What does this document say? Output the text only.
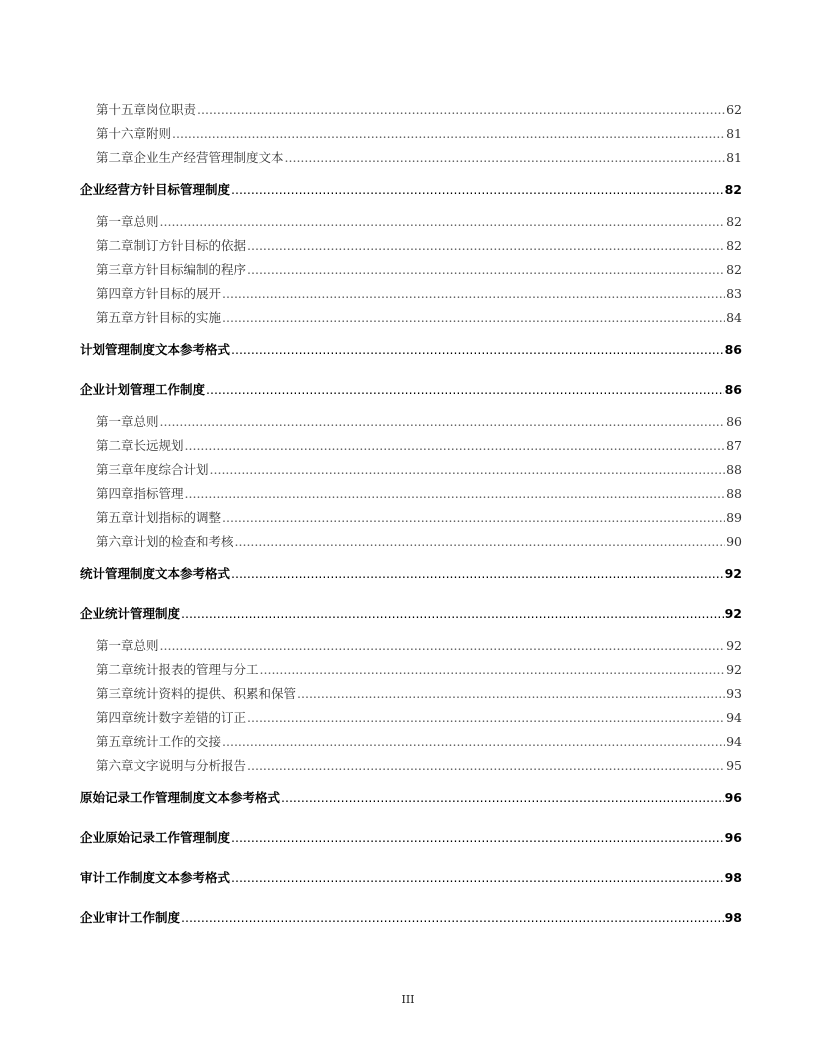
第十五章 岗位职责 .....	62
第十六章 附则 .....	81
第二章 企业生产经营管理制度文本 .....	81
企业经营方针目标管理制度 .....	82
第一章 总则 .....	82
第二章 制订方针目标的依据 .....	82
第三章 方针目标编制的程序 .....	82
第四章 方针目标的展开 .....	83
第五章 方针目标的实施 .....	84
计划管理制度文本参考格式 .....	86
企业计划管理工作制度 .....	86
第一章 总则 .....	86
第二章 长远规划 .....	87
第三章 年度综合计划 .....	88
第四章 指标管理 .....	88
第五章 计划指标的调整 .....	89
第六章 计划的检查和考核 .....	90
统计管理制度文本参考格式 .....	92
企业统计管理制度 .....	92
第一章 总则 .....	92
第二章 统计报表的管理与分工 .....	92
第三章 统计资料的提供、积累和保管 .....	93
第四章 统计数字差错的订正 .....	94
第五章 统计工作的交接 .....	94
第六章 文字说明与分析报告 .....	95
原始记录工作管理制度文本参考格式 .....	96
企业原始记录工作管理制度 .....	96
审计工作制度文本参考格式 .....	98
企业审计工作制度 .....	98
III
